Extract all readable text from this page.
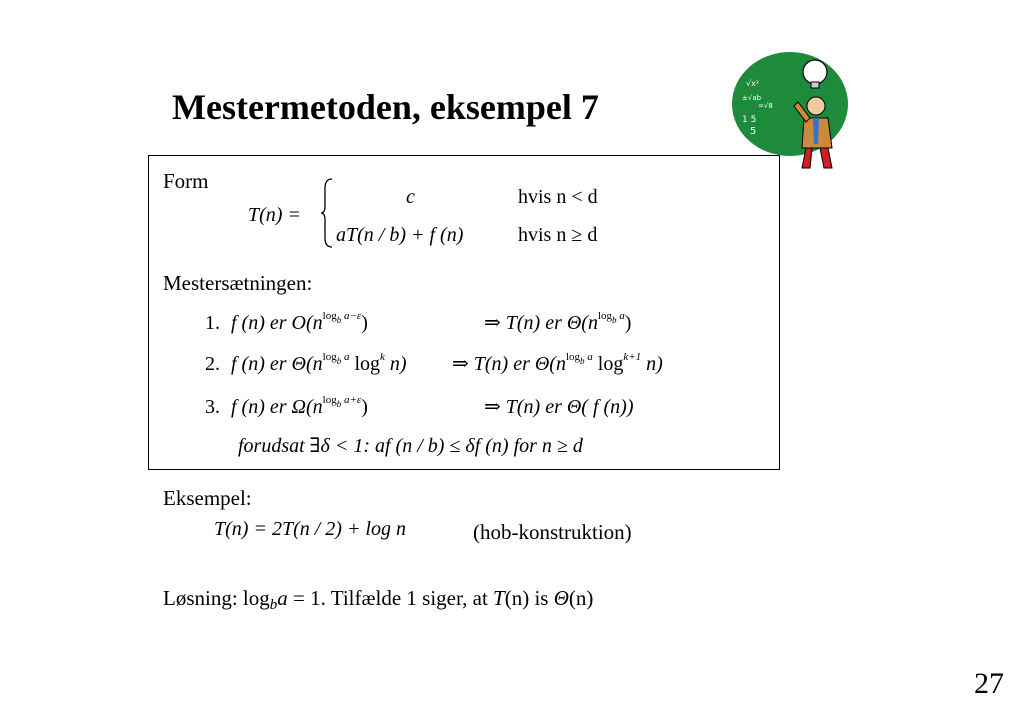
Mestermetoden, eksempel 7
√x²
±√ab
=√8
1 5
5
Form
T(n) =
c	hvis n < d
aT(n / b) + f (n)	hvis n ≥ d
Mestersætningen:
1. f (n) er $O(n^{log_b a-\varepsilon})$	⇒ T(n) er $\Theta(n^{log_b a})$
2. f (n) er $\Theta(n^{log_b a}$ $\log^k n$) ⇒ T(n) er $\Theta(n^{log_b a}$ $\log^{k+1} n$)
3. f (n) er $\Omega(n^{log_b a+\varepsilon})$	⇒ T(n) er Θ( f (n))
forudsat ∃δ < 1: af (n / b) ≤ δf (n) for n ≥ d
Eksempel:
T(n) = 2T(n / 2) + log n	(hob-konstruktion)
Løsning: $\log_ba = 1$. Tilfælde 1 siger, at T(n) is Θ(n)
27
